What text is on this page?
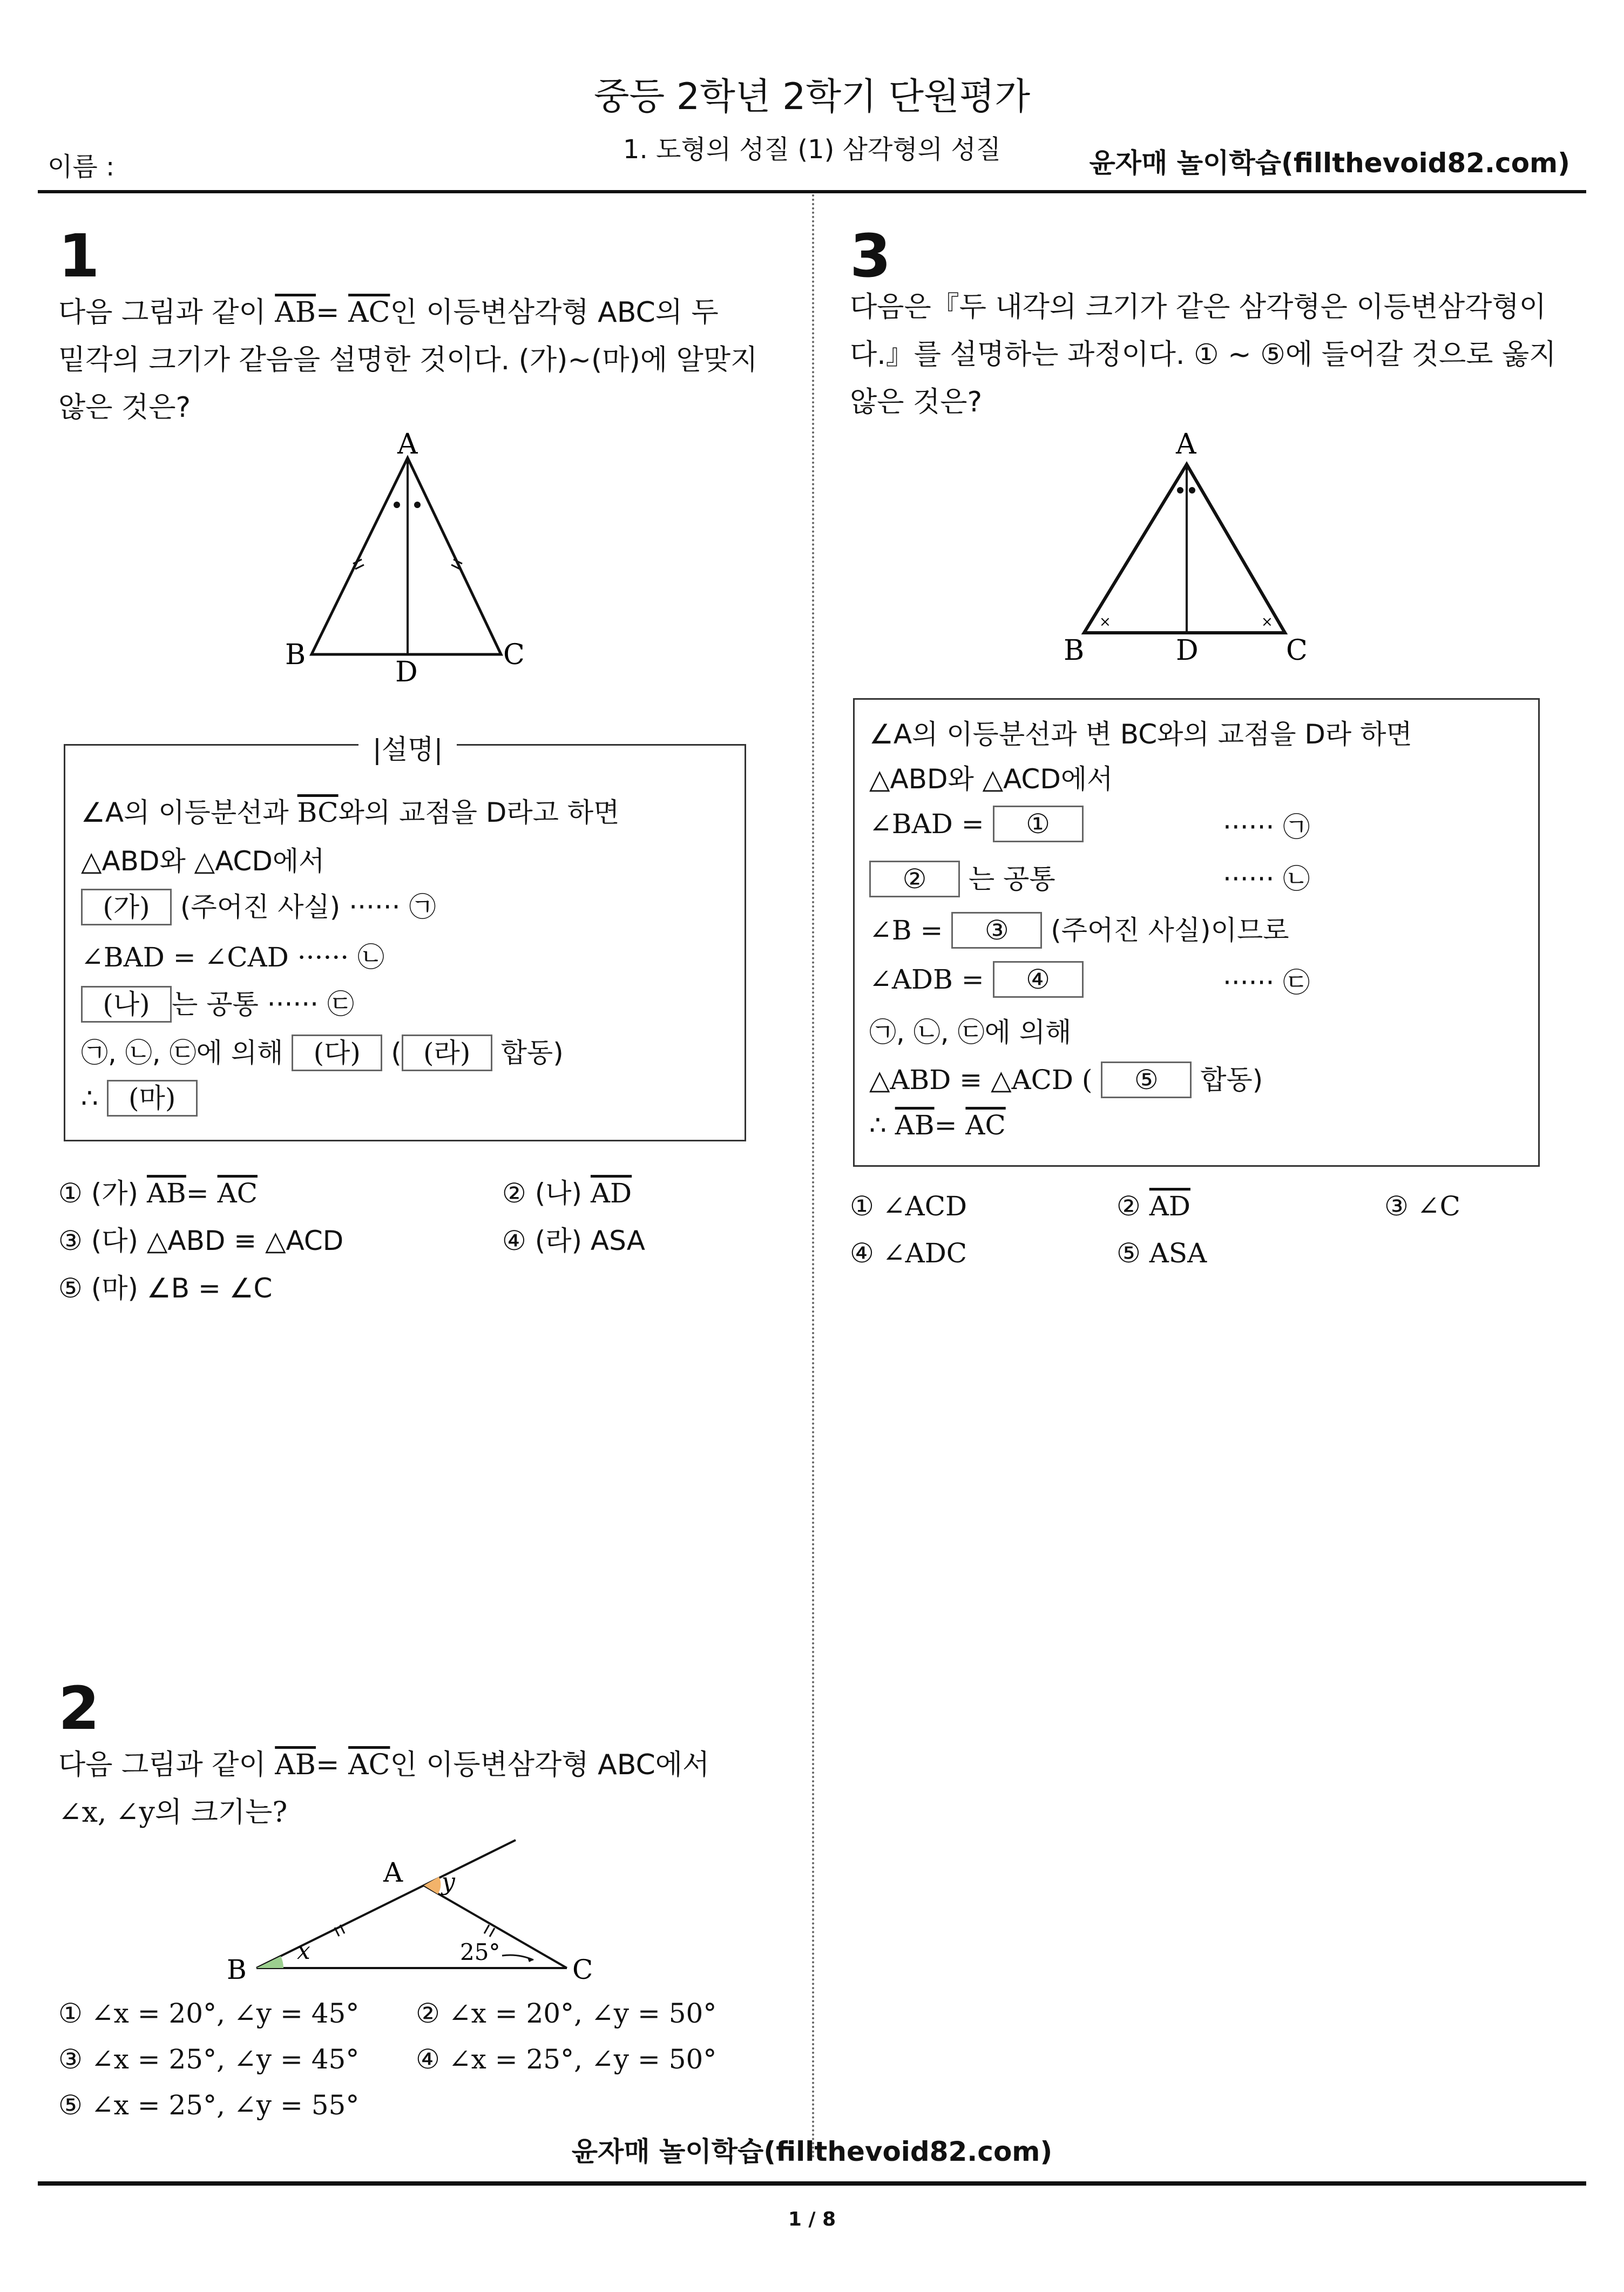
중등 2학년 2학기 단원평가
1. 도형의 성질 (1) 삼각형의 성질
이름 :	윤자매 놀이학습(fillthevoid82.com)
1
다음 그림과 같이 $\overline{AB}= \overline{AC}$인 이등변삼각형 ABC의 두
밑각의 크기가 같음을 설명한 것이다. (가)~(마)에 알맞지
않은 것은?
A
B	C
D
|설명|
∠A의 이등분선과 $\overline{BC}$와의 교점을 D라고 하면
△ABD와 △ACD에서
(가) (주어진 사실) ······ ㉠
∠BAD = ∠CAD ······ ㉡
(나) 는 공통 ······ ㉢
㉠, ㉡, ㉢에 의해 (다) ( (라) 합동)
∴ (마)
① (가) $\overline{AB}= \overline{AC}$	② (나) $\overline{AD}$
③ (다) △ABD ≡ △ACD	④ (라) ASA
⑤ (마) ∠B = ∠C
2
다음 그림과 같이 $\overline{AB}= \overline{AC}$인 이등변삼각형 ABC에서
∠x, ∠y의 크기는?
A
B	C
x
y
25°
① ∠x = 20°, ∠y = 45° ② ∠x = 20°, ∠y = 50°
③ ∠x = 25°, ∠y = 45° ④ ∠x = 25°, ∠y = 50°
⑤ ∠x = 25°, ∠y = 55°
3
다음은『두 내각의 크기가 같은 삼각형은 이등변삼각형이
다.』를 설명하는 과정이다. ① ~ ⑤에 들어갈 것으로 옳지
않은 것은?
×	×
A
B	C
D
∠A의 이등분선과 변 BC와의 교점을 D라 하면
△ABD와 △ACD에서
∠BAD = ①	······ ㉠
② 는 공통	······ ㉡
∠B = ③ (주어진 사실)이므로
∠ADB = ④	······ ㉢
㉠, ㉡, ㉢에 의해
△ABD ≡ △ACD ( ⑤ 합동)
∴ $\overline{AB}= \overline{AC}$
① ∠ACD	② $\overline{AD}$	③ ∠C
④ ∠ADC	⑤ ASA
윤자매 놀이학습(fillthevoid82.com)
1 / 8
